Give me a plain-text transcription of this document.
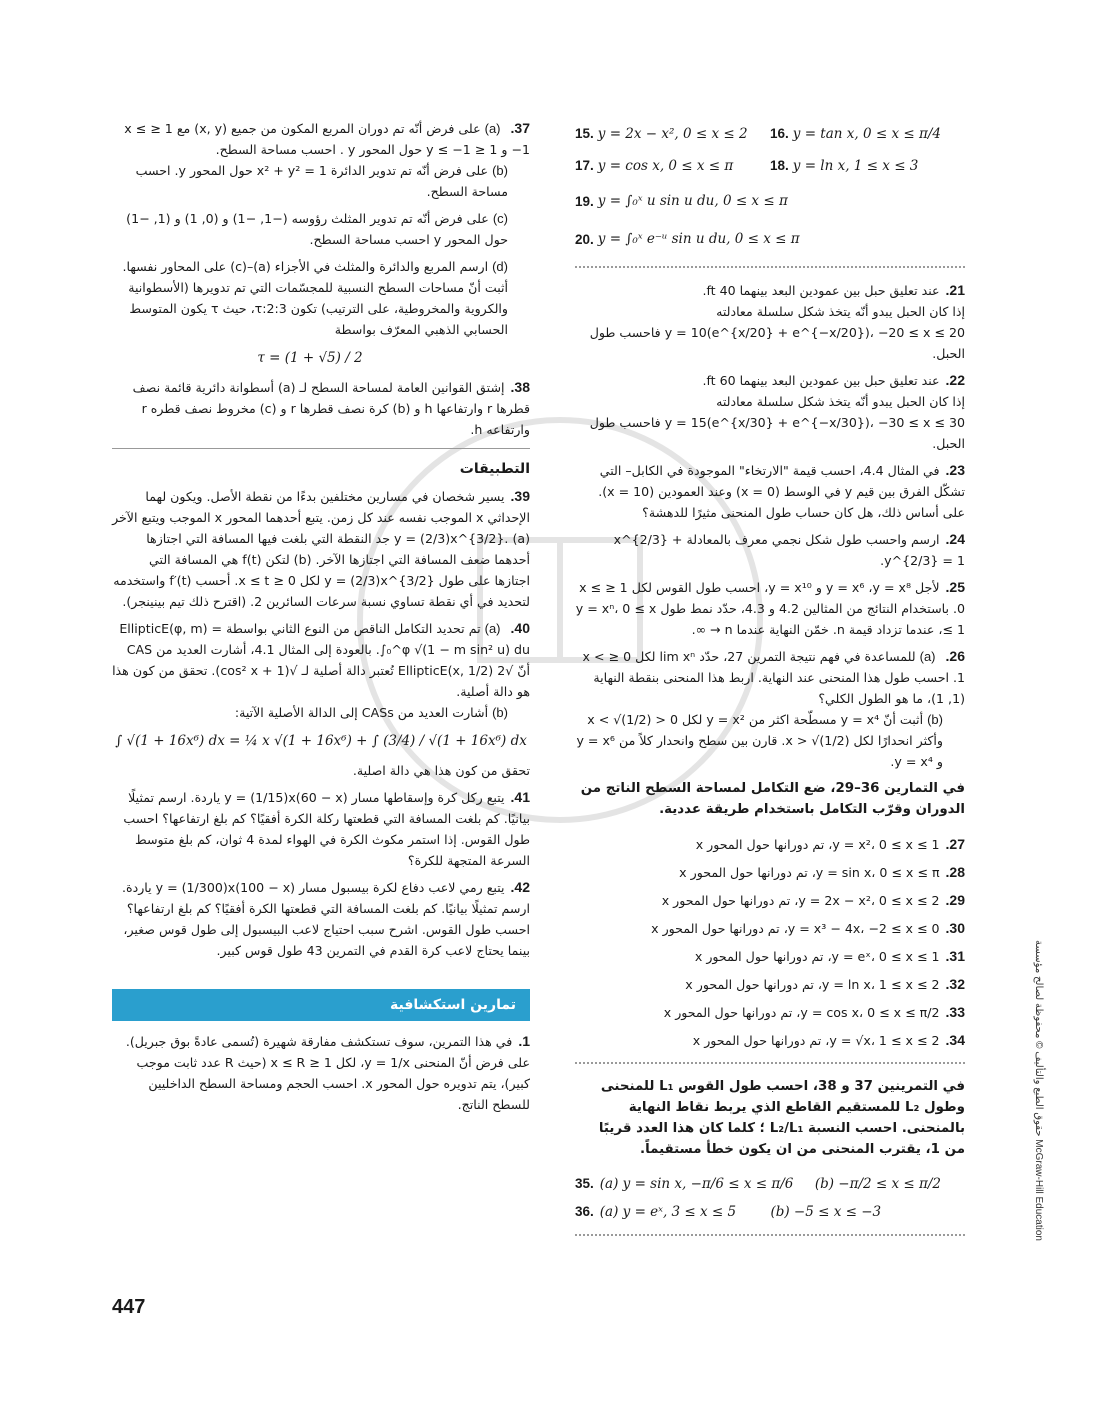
15. y = 2x − x², 0 ≤ x ≤ 2	16. y = tan x, 0 ≤ x ≤ π/4
17. y = cos x, 0 ≤ x ≤ π	18. y = ln x, 1 ≤ x ≤ 3
19. y = ∫₀ˣ u sin u du, 0 ≤ x ≤ π
20. y = ∫₀ˣ e⁻ᵘ sin u du, 0 ≤ x ≤ π
21.عند تعليق حبل بين عمودين البعد بينهما 40 ft.
إذا كان الحبل يبدو أنّه يتخذ شكل سلسلة معادلته
y = 10(e^{x/20} + e^{−x/20})، −20 ≤ x ≤ 20 فاحسب طول الحبل.
22.عند تعليق حبل بين عمودين البعد بينهما 60 ft.
إذا كان الحبل يبدو أنّه يتخذ شكل سلسلة معادلته
y = 15(e^{x/30} + e^{−x/30})، −30 ≤ x ≤ 30 فاحسب طول الحبل.
23.في المثال 4.4، احسب قيمة "الارتخاء" الموجودة في الكابل– التي تشكّل الفرق بين قيم y في الوسط (x = 0) وعند العمودين (x = 10). على أساس ذلك، هل كان حساب طول المنحنى مثيرًا للدهشة؟
24.ارسم واحسب طول شكل نجمي معرف بالمعادلة x^{2/3} + y^{2/3} = 1.
25.لأجل y = x⁶ ،y = x⁸ و y = x¹⁰، احسب طول القوس لكل 1 ≤ x ≤ 0. باستخدام النتائج من المثالين 4.2 و 4.3، حدّد نمط طول y = xⁿ، 0 ≤ x ≤ 1، عندما تزداد قيمة n. خمّن النهاية عندما n → ∞.
26. (a)للمساعدة في فهم نتيجة التمرين 27، حدّد lim xⁿ لكل 0 ≤ x < 1. احسب طول هذا المنحنى عند النهاية. اربط هذا المنحنى بنقطة النهاية (1, 1)، ما هو الطول الكلي؟
(b)أثبت أنّ y = x⁴ مسطّحة اكثر من y = x² لكل 0 < x < √(1/2) وأكثر انحدارًا لكل x > √(1/2). قارن بين سطح وانحدار كلاً من y = x⁶ و y = x⁴.
في التمارين 36–29، ضع التكامل لمساحة السطح الناتج من الدوران وقرّب التكامل باستخدام طريقة عددية.
27.y = x²، 0 ≤ x ≤ 1، تم دورانها حول المحور x
28.y = sin x، 0 ≤ x ≤ π، تم دورانها حول المحور x
29.y = 2x − x²، 0 ≤ x ≤ 2، تم دورانها حول المحور x
30.y = x³ − 4x، −2 ≤ x ≤ 0، تم دورانها حول المحور x
31.y = eˣ، 0 ≤ x ≤ 1، تم دورانها حول المحور x
32.y = ln x، 1 ≤ x ≤ 2، تم دورانها حول المحور x
33.y = cos x، 0 ≤ x ≤ π/2، تم دورانها حول المحور x
34.y = √x، 1 ≤ x ≤ 2، تم دورانها حول المحور x
في التمرينين 37 و 38، احسب طول القوس L₁ للمنحنى وطول L₂ للمستقيم القاطع الذي يربط نقاط النهاية بالمنحنى. احسب النسبة L₂/L₁ ؛ كلما كان هذا العدد قريبًا من 1، يقترب المنحنى من ان يكون خطأ مستقيماً.
35. (a) y = sin x, −π/6 ≤ x ≤ π/6 (b) −π/2 ≤ x ≤ π/2
36. (a) y = eˣ, 3 ≤ x ≤ 5	(b) −5 ≤ x ≤ −3
37. (a)على فرض أنّه تم دوران المربع المكون من جميع (x, y) مع 1 ≤ x ≤ −1 و 1 ≤ y ≤ −1 حول المحور y . احسب مساحة السطح.
(b)على فرض أنّه تم تدوير الدائرة x² + y² = 1 حول المحور y. احسب مساحة السطح.
(c)على فرض أنّه تم تدوير المثلث رؤوسه (−1, −1) و (0, 1) و (1, −1) حول المحور y احسب مساحة السطح.
(d)ارسم المربع والدائرة والمثلث في الأجزاء (a)–(c) على المحاور نفسها. أثبت أنّ مساحات السطح النسبية للمجسّمات التي تم تدويرها (الأسطوانية والكروية والمخروطية، على الترتيب) تكون τ:2:3، حيث τ يكون المتوسط الحسابي الذهبي المعرّف بواسطة
τ = (1 + √5) / 2
38.إشتق القوانين العامة لمساحة السطح لـ (a) أسطوانة دائرية قائمة نصف قطرها r وارتفاعها h و (b) كرة نصف قطرها r و (c) مخروط نصف قطره r وارتفاعه h.
التطبيقات
39.يسير شخصان في مسارين مختلفين بدءًا من نقطة الأصل. ويكون لهما الإحداثي x الموجب نفسه عند كل زمن. يتبع أحدهما المحور x الموجب ويتبع الآخر y = (2/3)x^{3/2}. (a) جد النقطة التي بلغت فيها المسافة التي اجتازها أحدهما ضعف المسافة التي اجتازها الآخر. (b) لتكن f(t) هي المسافة التي اجتازها على طول y = (2/3)x^{3/2} لكل 0 ≤ x ≤ t. أحسب f′(t) واستخدمه لتحديد في أي نقطة تساوي نسبة سرعات السائرين 2. (اقترح ذلك تيم بينينجر).
40. (a)تم تحديد التكامل الناقص من النوع الثاني بواسطة EllipticE(φ, m) = ∫₀^φ √(1 − m sin² u) du. بالعودة إلى المثال 4.1، أشارت العديد من CAS أنّ √2 EllipticE(x, 1/2) تُعتبر دالة أصلية لـ √(1 + cos² x). تحقق من كون هذا هو دالة أصلية.
(b)أشارت العديد من CASs إلى الدالة الأصلية الآتية:
∫ √(1 + 16x⁶) dx = ¼ x √(1 + 16x⁶) + ∫ (3/4) / √(1 + 16x⁶) dx
تحقق من كون هذا هي دالة اصلية.
41.يتبع ركل كرة وإسقاطها مسار y = (1/15)x(60 − x) ياردة. ارسم تمثيلًا بيانيًا. كم بلغت المسافة التي قطعتها ركلة الكرة أفقيًا؟ كم بلغ ارتفاعها؟ احسب طول القوس. إذا استمر مكوث الكرة في الهواء لمدة 4 ثوان، كم بلغ متوسط السرعة المتجهة للكرة؟
42.يتبع رمي لاعب دفاع لكرة بيسبول مسار y = (1/300)x(100 − x) ياردة. ارسم تمثيلًا بيانيًا. كم بلغت المسافة التي قطعتها الكرة أفقيًا؟ كم بلغ ارتفاعها؟ احسب طول القوس. اشرح سبب احتياج لاعب البيسبول إلى طول قوس صغير، بينما يحتاج لاعب كرة القدم في التمرين 43 طول قوس كبير.
تمارين استكشافية
1.في هذا التمرين، سوف تستكشف مفارقة شهيرة (تُسمى عادةً بوق جبريل). على فرض أنّ المنحنى y = 1/x، لكل 1 ≤ x ≤ R (حيث R عدد ثابت موجب كبير)، يتم تدويره حول المحور x. احسب الحجم ومساحة السطح الداخليين للسطح الناتج.
447
حقوق الطبع والتأليف © محفوظة لصالح مؤسسة McGraw-Hill Education
